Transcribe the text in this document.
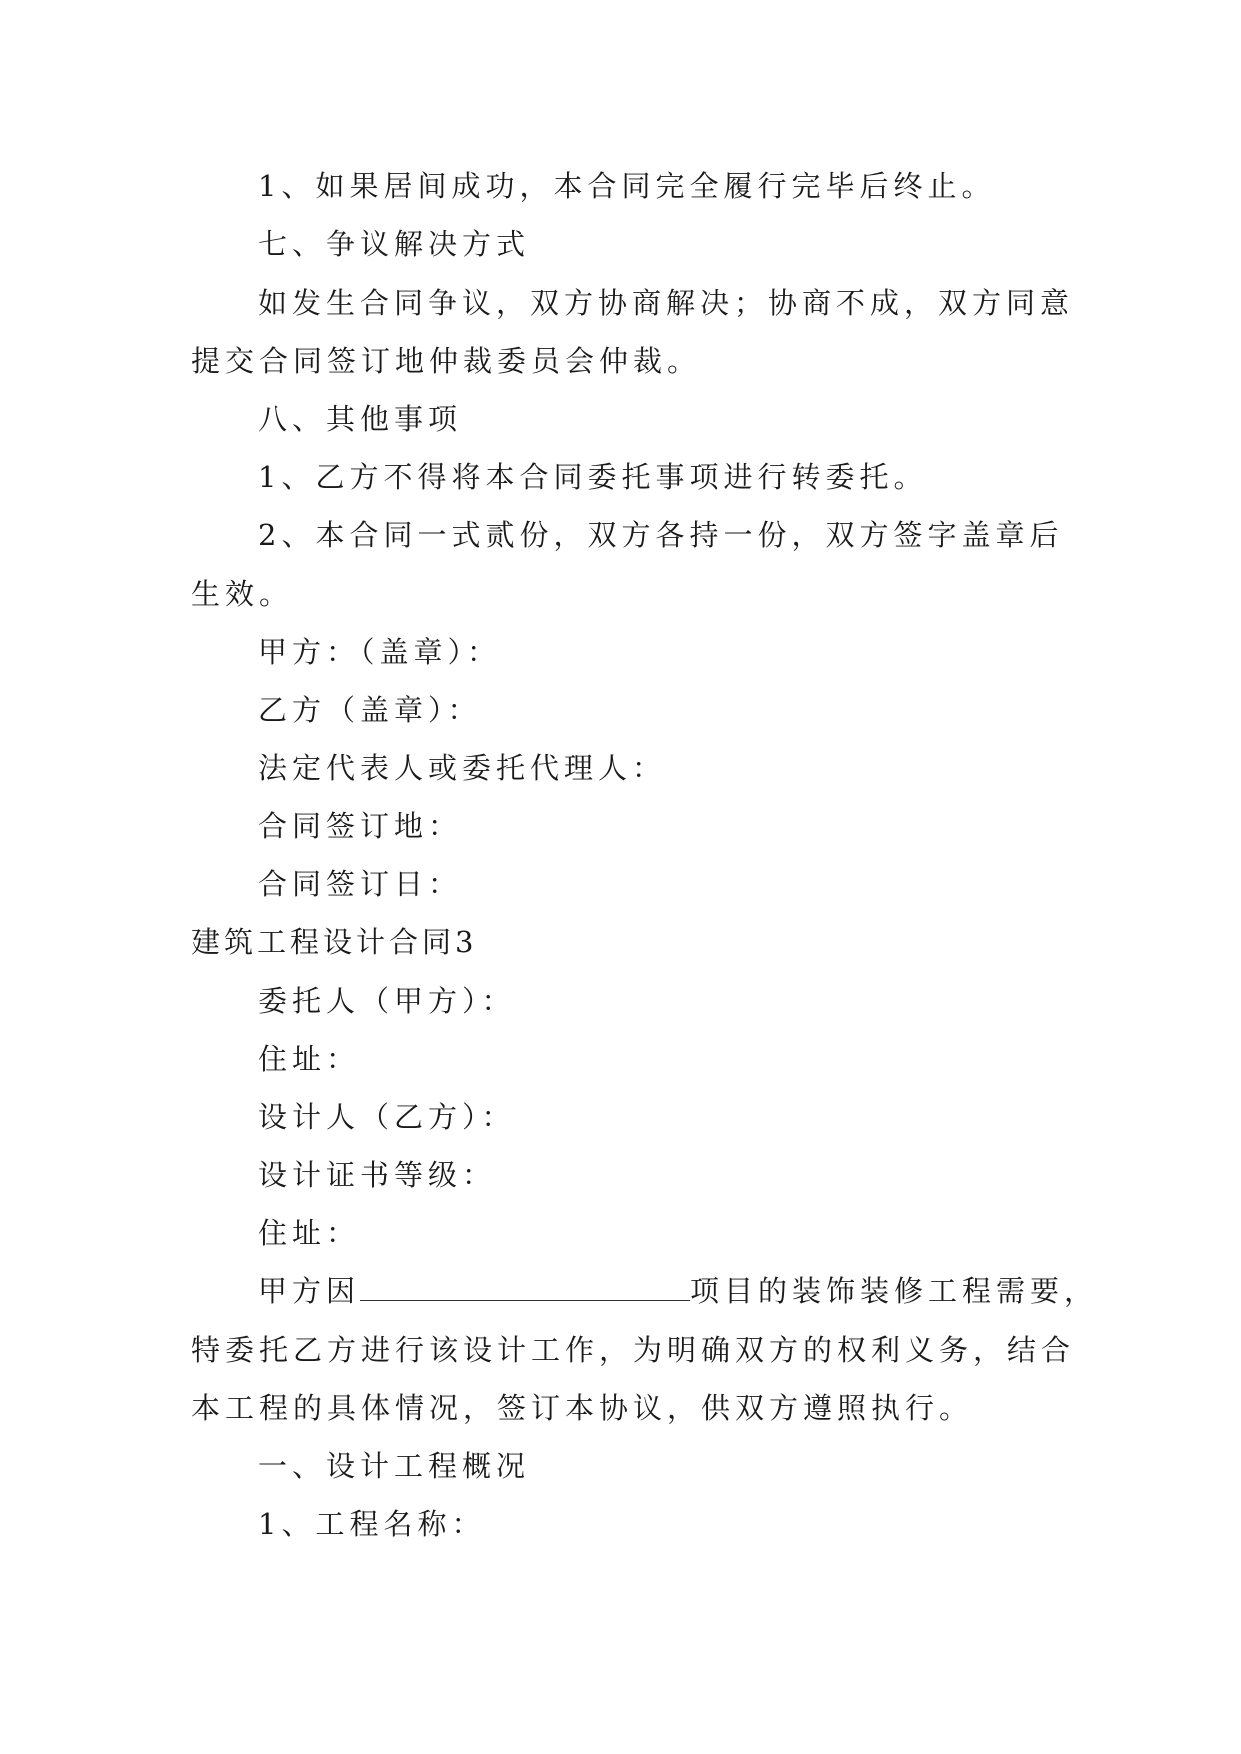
1、如果居间成功，本合同完全履行完毕后终止。
七、争议解决方式
如发生合同争议，双方协商解决；协商不成，双方同意
提交合同签订地仲裁委员会仲裁。
八、其他事项
1、乙方不得将本合同委托事项进行转委托。
2、本合同一式贰份，双方各持一份，双方签字盖章后
生效。
甲方：（盖章）：
乙方（盖章）：
法定代表人或委托代理人：
合同签订地：
合同签订日：
建筑工程设计合同3
委托人（甲方）：
住址：
设计人（乙方）：
设计证书等级：
住址：
甲方因	项目的装饰装修工程需要，
特委托乙方进行该设计工作，为明确双方的权利义务，结合
本工程的具体情况，签订本协议，供双方遵照执行。
一、设计工程概况
1、工程名称：
